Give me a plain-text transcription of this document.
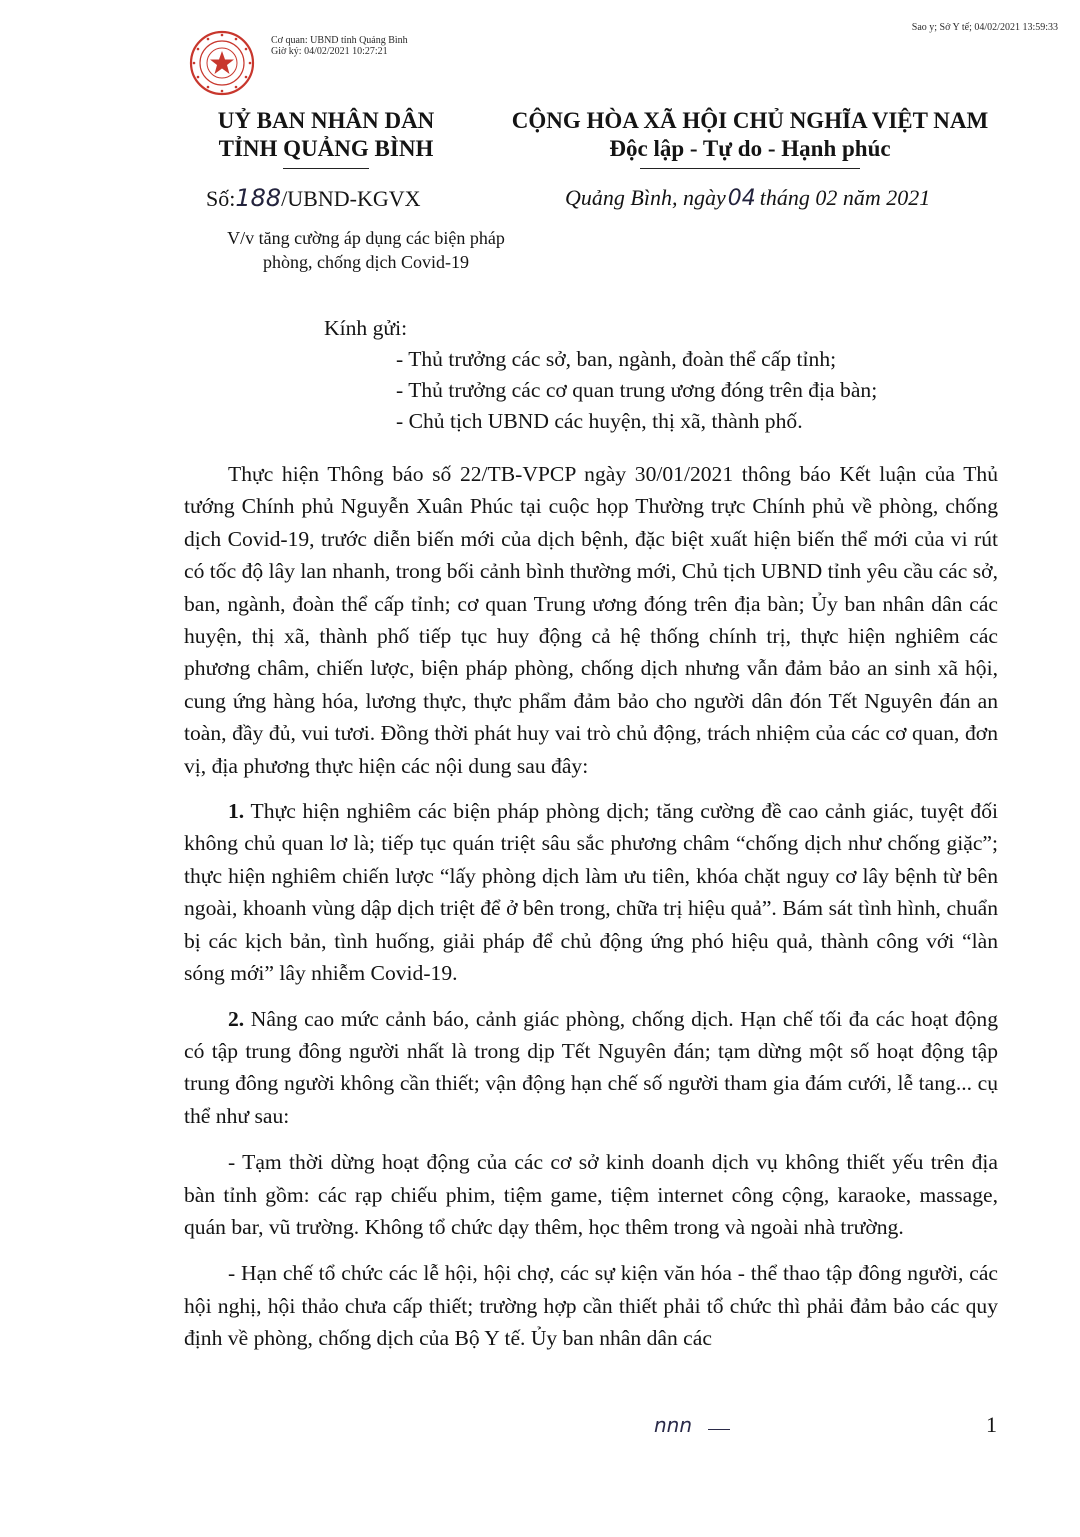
Sao y; Sở Y tế; 04/02/2021 13:59:33
Cơ quan: UBND tỉnh Quảng Bình
Giờ ký: 04/02/2021 10:27:21
UỶ BAN NHÂN DÂN
TỈNH QUẢNG BÌNH
CỘNG HÒA XÃ HỘI CHỦ NGHĨA VIỆT NAM
Độc lập - Tự do - Hạnh phúc
Số:188/UBND-KGVX	Quảng Bình, ngày04 tháng 02 năm 2021
V/v tăng cường áp dụng các biện pháp
phòng, chống dịch Covid-19
Kính gửi:
- Thủ trưởng các sở, ban, ngành, đoàn thể cấp tỉnh;
- Thủ trưởng các cơ quan trung ương đóng trên địa bàn;
- Chủ tịch UBND các huyện, thị xã, thành phố.

Thực hiện Thông báo số 22/TB-VPCP ngày 30/01/2021 thông báo Kết luận của Thủ tướng Chính phủ Nguyễn Xuân Phúc tại cuộc họp Thường trực Chính phủ về phòng, chống dịch Covid-19, trước diễn biến mới của dịch bệnh, đặc biệt xuất hiện biến thể mới của vi rút có tốc độ lây lan nhanh, trong bối cảnh bình thường mới, Chủ tịch UBND tỉnh yêu cầu các sở, ban, ngành, đoàn thể cấp tỉnh; cơ quan Trung ương đóng trên địa bàn; Ủy ban nhân dân các huyện, thị xã, thành phố tiếp tục huy động cả hệ thống chính trị, thực hiện nghiêm các phương châm, chiến lược, biện pháp phòng, chống dịch nhưng vẫn đảm bảo an sinh xã hội, cung ứng hàng hóa, lương thực, thực phẩm đảm bảo cho người dân đón Tết Nguyên đán an toàn, đầy đủ, vui tươi. Đồng thời phát huy vai trò chủ động, trách nhiệm của các cơ quan, đơn vị, địa phương thực hiện các nội dung sau đây:

1. Thực hiện nghiêm các biện pháp phòng dịch; tăng cường đề cao cảnh giác, tuyệt đối không chủ quan lơ là; tiếp tục quán triệt sâu sắc phương châm “chống dịch như chống giặc”; thực hiện nghiêm chiến lược “lấy phòng dịch làm ưu tiên, khóa chặt nguy cơ lây bệnh từ bên ngoài, khoanh vùng dập dịch triệt để ở bên trong, chữa trị hiệu quả”. Bám sát tình hình, chuẩn bị các kịch bản, tình huống, giải pháp để chủ động ứng phó hiệu quả, thành công với “làn sóng mới” lây nhiễm Covid-19.

2. Nâng cao mức cảnh báo, cảnh giác phòng, chống dịch. Hạn chế tối đa các hoạt động có tập trung đông người nhất là trong dịp Tết Nguyên đán; tạm dừng một số hoạt động tập trung đông người không cần thiết; vận động hạn chế số người tham gia đám cưới, lễ tang... cụ thể như sau:

- Tạm thời dừng hoạt động của các cơ sở kinh doanh dịch vụ không thiết yếu trên địa bàn tỉnh gồm: các rạp chiếu phim, tiệm game, tiệm internet công cộng, karaoke, massage, quán bar, vũ trường. Không tổ chức dạy thêm, học thêm trong và ngoài nhà trường.

- Hạn chế tổ chức các lễ hội, hội chợ, các sự kiện văn hóa - thể thao tập đông người, các hội nghị, hội thảo chưa cấp thiết; trường hợp cần thiết phải tổ chức thì phải đảm bảo các quy định về phòng, chống dịch của Bộ Y tế. Ủy ban nhân dân các

nnn	1
